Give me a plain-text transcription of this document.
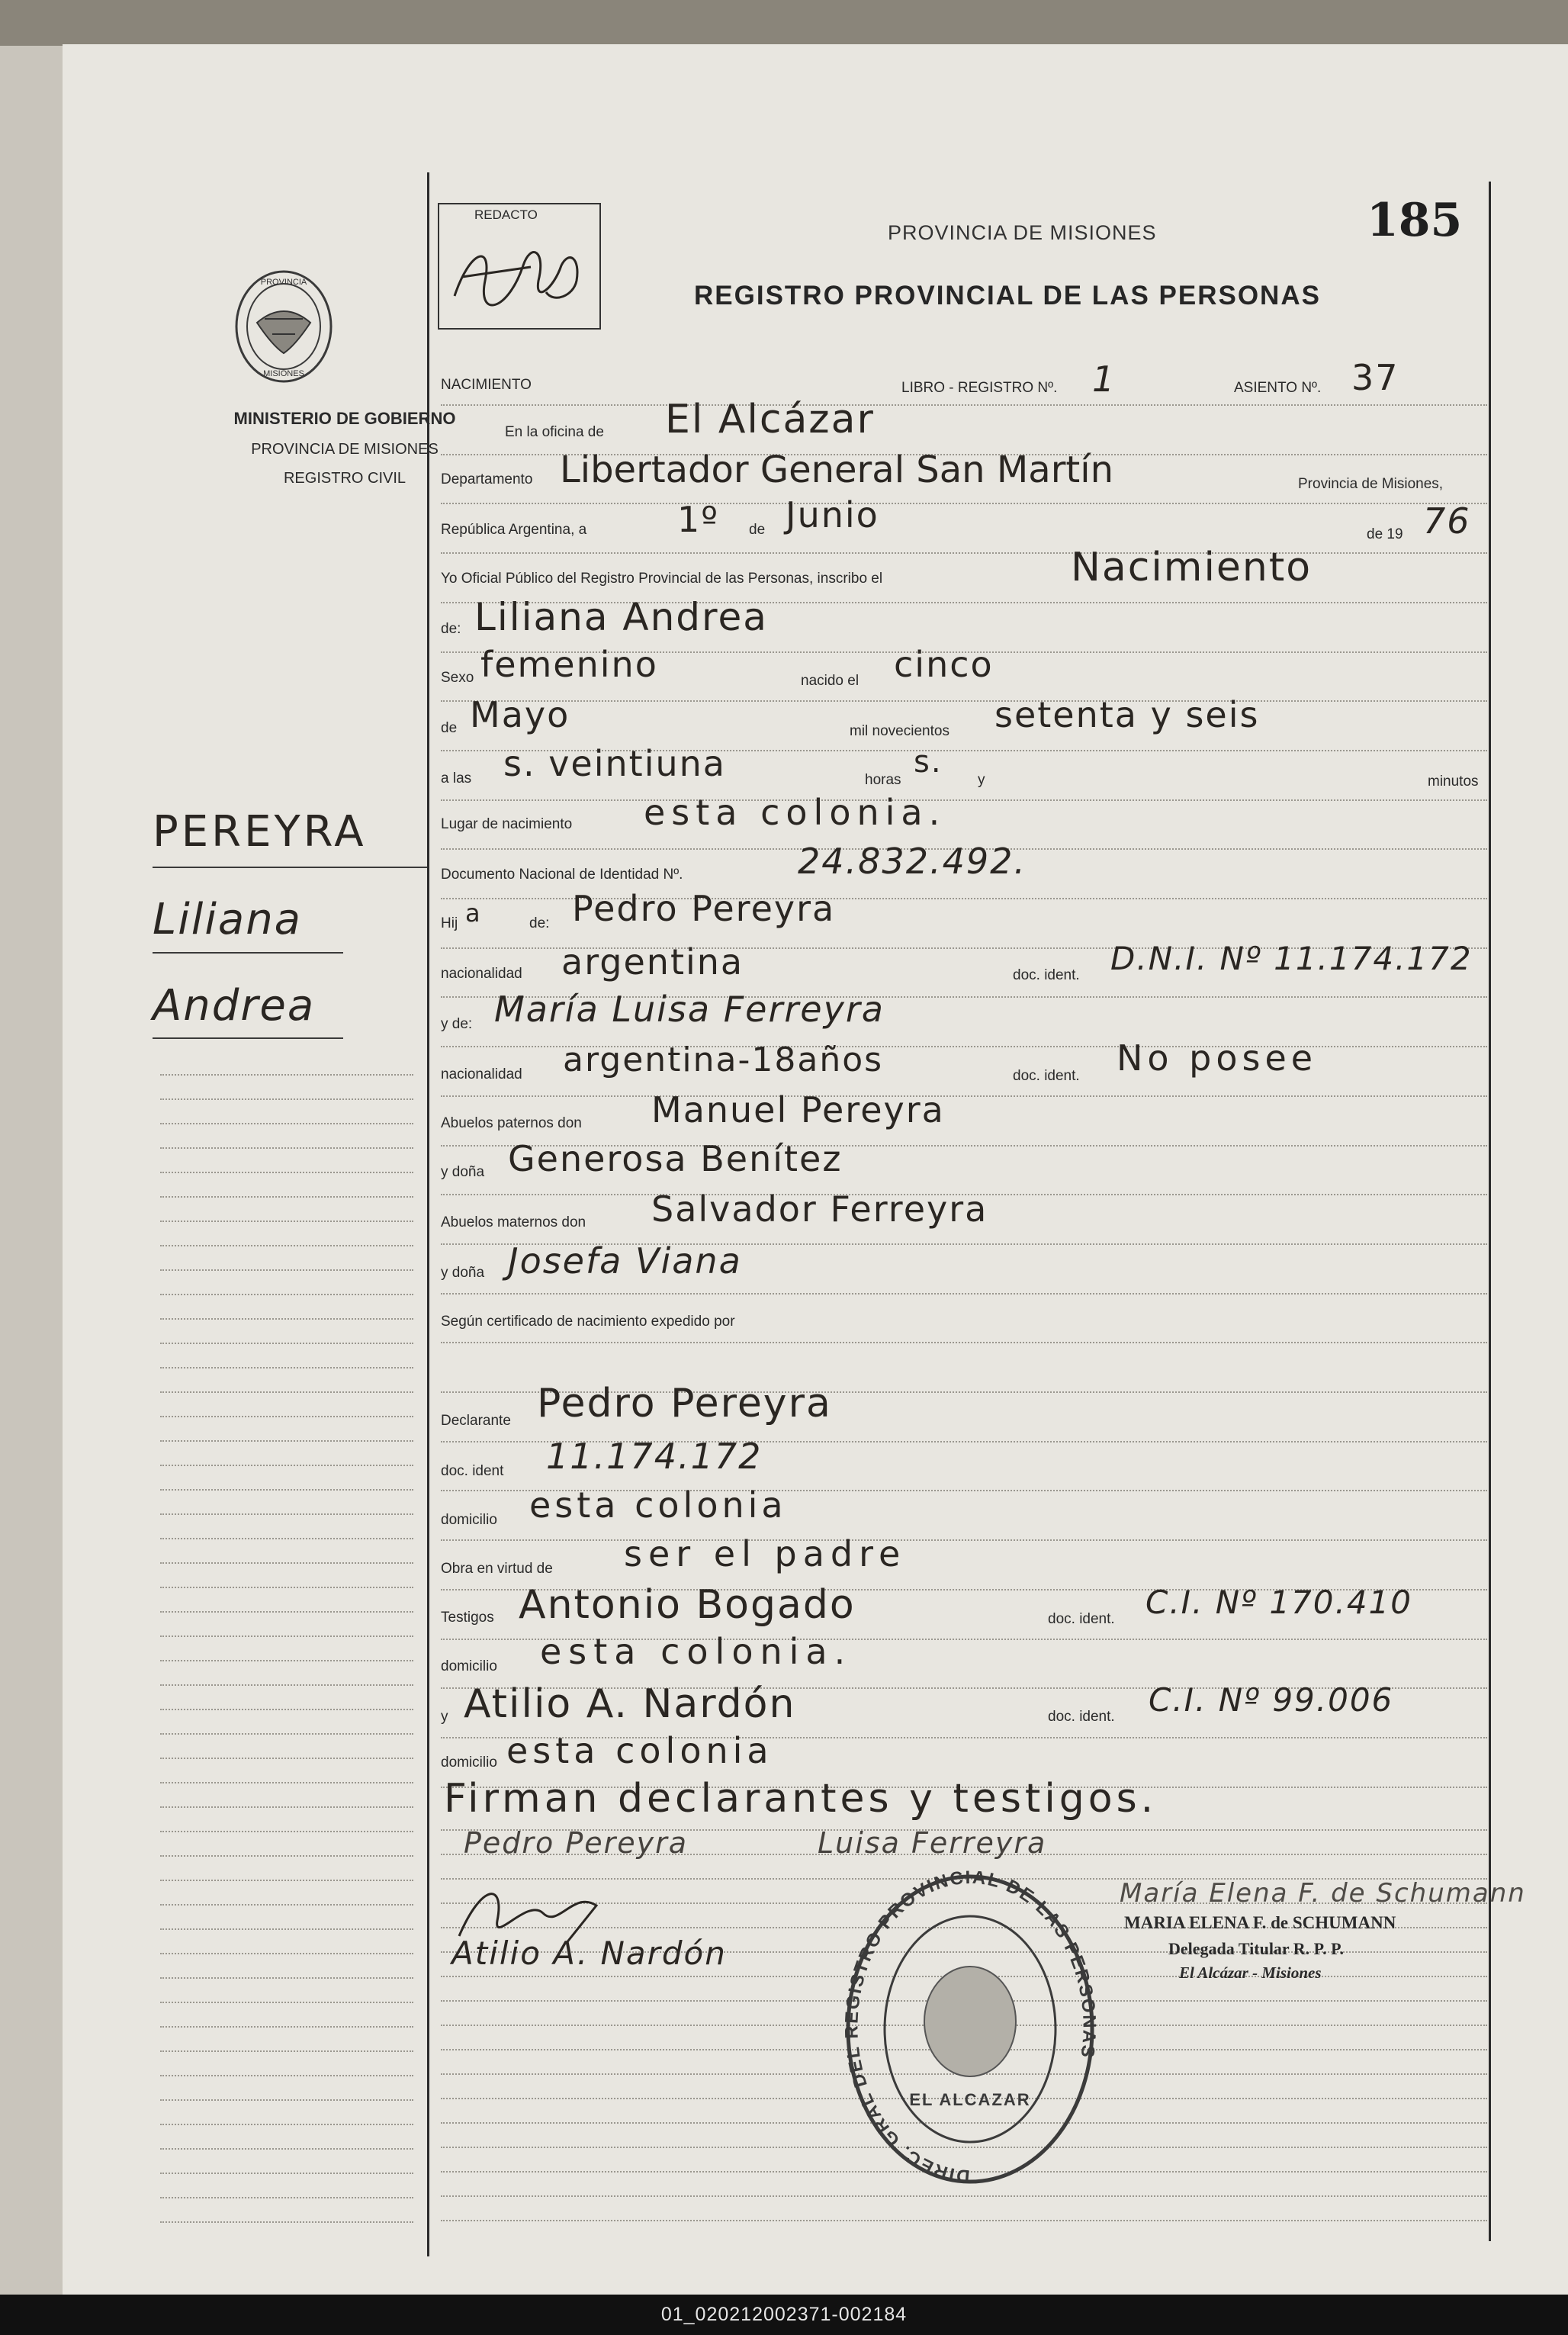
REDACTO
PROVINCIA DE MISIONES	185
REGISTRO PROVINCIAL DE LAS PERSONAS
PROVINCIA
MISIONES
MINISTERIO DE GOBIERNO
PROVINCIA DE MISIONES
REGISTRO CIVIL
PEREYRA
Liliana
Andrea
NACIMIENTO	LIBRO - REGISTRO Nº. 1	ASIENTO Nº. 37
En la oficina de El Alcázar
Departamento Libertador General San Martín	Provincia de Misiones,
República Argentina, a	1º de Junio	de 19 76
Yo Oficial Público del Registro Provincial de las Personas, inscribo el	Nacimiento
de: Liliana Andrea
Sexo femenino	nacido el cinco
de Mayo	mil novecientos setenta y seis
a las s. veintiuna	horas
s.
y	minutos
Lugar de nacimiento esta colonia.
Documento Nacional de Identidad Nº.	24.832.492.
Hij a	de: Pedro Pereyra
nacionalidad argentina	doc. ident. D.N.I. Nº 11.174.172
y de: María Luisa Ferreyra
nacionalidad argentina-18años	doc. ident. No posee
Abuelos paternos don Manuel Pereyra
y doña Generosa Benítez
Abuelos maternos don Salvador Ferreyra
y doña Josefa Viana
Según certificado de nacimiento expedido por
Declarante Pedro Pereyra
doc. ident 11.174.172
domicilio esta colonia
Obra en virtud de ser el padre
Testigos Antonio Bogado	doc. ident. C.I. Nº 170.410
domicilio esta colonia.
y Atilio A. Nardón	doc. ident. C.I. Nº 99.006
domicilio esta colonia
Firman declarantes y testigos.
Pedro Pereyra	Luisa Ferreyra
Atilio A. Nardón
María Elena F. de Schumann
MARIA ELENA F. de SCHUMANN
Delegada Titular R. P. P.
El Alcázar - Misiones
DIREC. GRAL DEL REGISTRO PROVINCIAL DE LAS PERSONAS
EL ALCAZAR
01_020212002371-002184
